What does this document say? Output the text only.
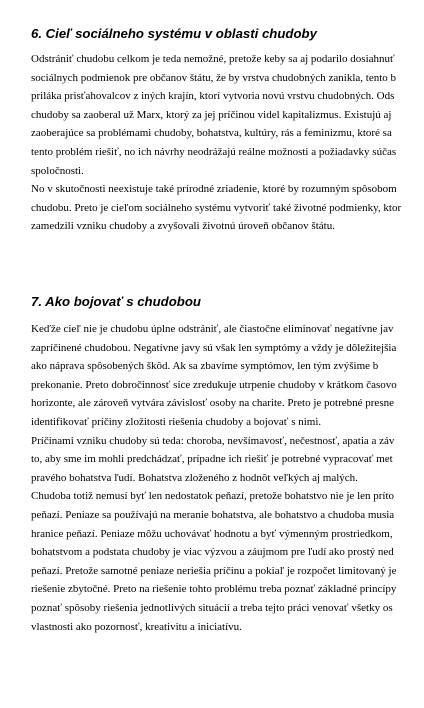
6. Cieľ sociálneho systému v oblasti chudoby
Odstrániť chudobu celkom je teda nemožné, pretože keby sa aj podarilo dosiahnuť
sociálnych podmienok pre občanov štátu, že by vrstva chudobných zanikla, tento b
priláka prisťahovalcov z iných krajín, ktorí vytvoria novú vrstvu chudobných. Ods
chudoby sa zaoberal už Marx, ktorý za jej príčinou videl kapitalizmus. Existujú aj
zaoberajúce sa problémami chudoby, bohatstva, kultúry, rás a feminizmu, ktoré sa
tento problém riešiť, no ich návrhy neodrážajú reálne možnosti a požiadavky súčas
spoločnosti.
No v skutočnosti neexistuje také prírodné zriadenie, ktoré by rozumným spôsobom
chudobu. Preto je cieľom sociálneho systému vytvoriť také životné podmienky, ktor
zamedzili vzniku chudoby a zvyšovali životnú úroveň občanov štátu.
7. Ako bojovať s chudobou
Keďže cieľ nie je chudobu úplne odstrániť, ale čiastočne eliminovať negatívne jav
zapríčinené chudobou. Negatívne javy sú však len symptómy a vždy je dôležitejšia
ako náprava spôsobených škôd. Ak sa zbavíme symptómov, len tým zvýšime b
prekonanie. Preto dobročinnosť síce zredukuje utrpenie chudoby v krátkom časovo
horizonte, ale zároveň vytvára závislosť osoby na charite. Preto je potrebné presne
identifikovať príčiny zložitosti riešenia chudoby a bojovať s nimi.
Príčinami vzniku chudoby sú teda: choroba, nevšímavosť, nečestnosť, apatia a záv
to, aby sme im mohli predchádzať, prípadne ich riešiť je potrebné vypracovať met
pravého bohatstva ľudí. Bohatstva zloženého z hodnôt veľkých aj malých.
Chudoba totiž nemusí byť len nedostatok peňazí, pretože bohatstvo nie je len príto
peňazí. Peniaze sa používajú na meranie bohatstva, ale bohatstvo a chudoba musia
hranice peňazí. Peniaze môžu uchovávať hodnotu a byť výmenným prostriedkom,
bohatstvom a podstata chudoby je viac výzvou a záujmom pre ľudí ako prostý ned
peňazí. Pretože samotné peniaze neriešia príčinu a pokiaľ je rozpočet limitovaný je
riešenie zbytočné. Preto na riešenie tohto problému treba poznať základné princípy
poznať spôsoby riešenia jednotlivých situácií a treba tejto práci venovať všetky os
vlastnosti ako pozornosť, kreativitu a iniciatívu.
